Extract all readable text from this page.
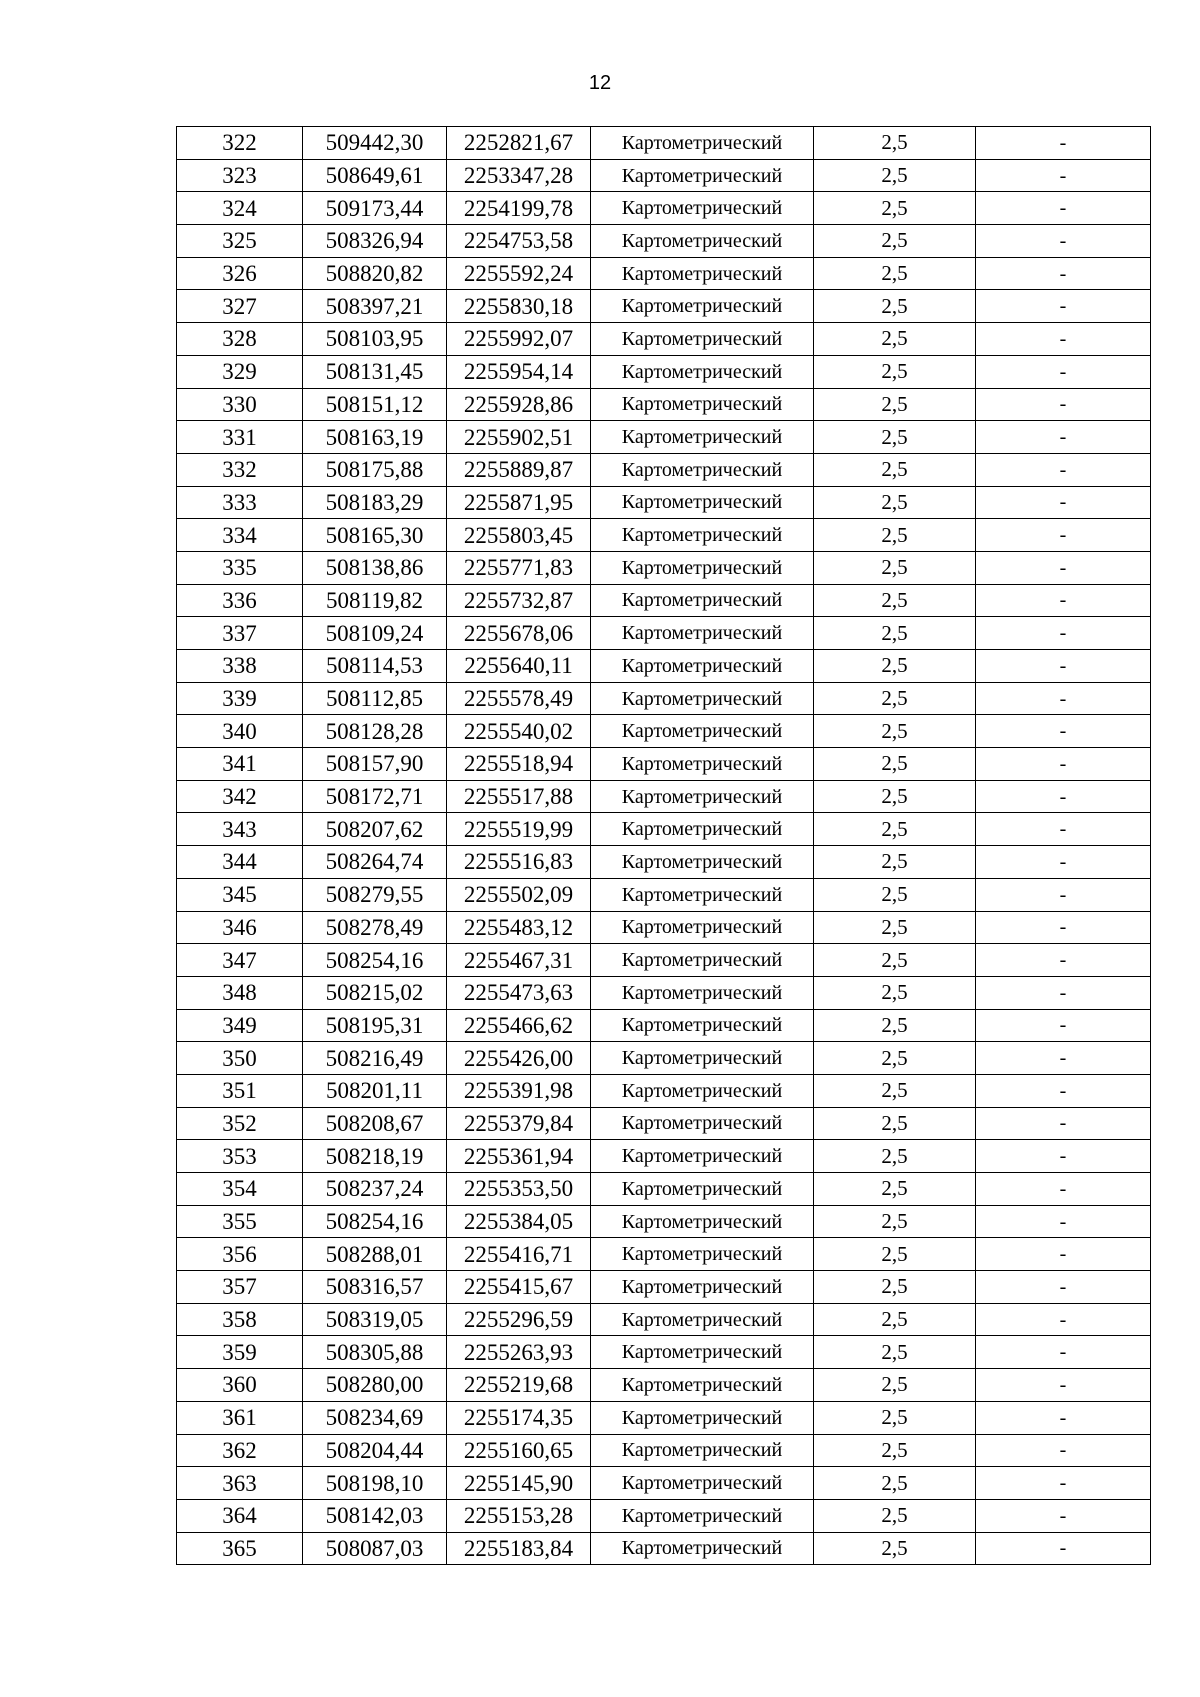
12
322	509442,30	2252821,67	Картометрический	2,5	-
323	508649,61	2253347,28	Картометрический	2,5	-
324	509173,44	2254199,78	Картометрический	2,5	-
325	508326,94	2254753,58	Картометрический	2,5	-
326	508820,82	2255592,24	Картометрический	2,5	-
327	508397,21	2255830,18	Картометрический	2,5	-
328	508103,95	2255992,07	Картометрический	2,5	-
329	508131,45	2255954,14	Картометрический	2,5	-
330	508151,12	2255928,86	Картометрический	2,5	-
331	508163,19	2255902,51	Картометрический	2,5	-
332	508175,88	2255889,87	Картометрический	2,5	-
333	508183,29	2255871,95	Картометрический	2,5	-
334	508165,30	2255803,45	Картометрический	2,5	-
335	508138,86	2255771,83	Картометрический	2,5	-
336	508119,82	2255732,87	Картометрический	2,5	-
337	508109,24	2255678,06	Картометрический	2,5	-
338	508114,53	2255640,11	Картометрический	2,5	-
339	508112,85	2255578,49	Картометрический	2,5	-
340	508128,28	2255540,02	Картометрический	2,5	-
341	508157,90	2255518,94	Картометрический	2,5	-
342	508172,71	2255517,88	Картометрический	2,5	-
343	508207,62	2255519,99	Картометрический	2,5	-
344	508264,74	2255516,83	Картометрический	2,5	-
345	508279,55	2255502,09	Картометрический	2,5	-
346	508278,49	2255483,12	Картометрический	2,5	-
347	508254,16	2255467,31	Картометрический	2,5	-
348	508215,02	2255473,63	Картометрический	2,5	-
349	508195,31	2255466,62	Картометрический	2,5	-
350	508216,49	2255426,00	Картометрический	2,5	-
351	508201,11	2255391,98	Картометрический	2,5	-
352	508208,67	2255379,84	Картометрический	2,5	-
353	508218,19	2255361,94	Картометрический	2,5	-
354	508237,24	2255353,50	Картометрический	2,5	-
355	508254,16	2255384,05	Картометрический	2,5	-
356	508288,01	2255416,71	Картометрический	2,5	-
357	508316,57	2255415,67	Картометрический	2,5	-
358	508319,05	2255296,59	Картометрический	2,5	-
359	508305,88	2255263,93	Картометрический	2,5	-
360	508280,00	2255219,68	Картометрический	2,5	-
361	508234,69	2255174,35	Картометрический	2,5	-
362	508204,44	2255160,65	Картометрический	2,5	-
363	508198,10	2255145,90	Картометрический	2,5	-
364	508142,03	2255153,28	Картометрический	2,5	-
365	508087,03	2255183,84	Картометрический	2,5	-
